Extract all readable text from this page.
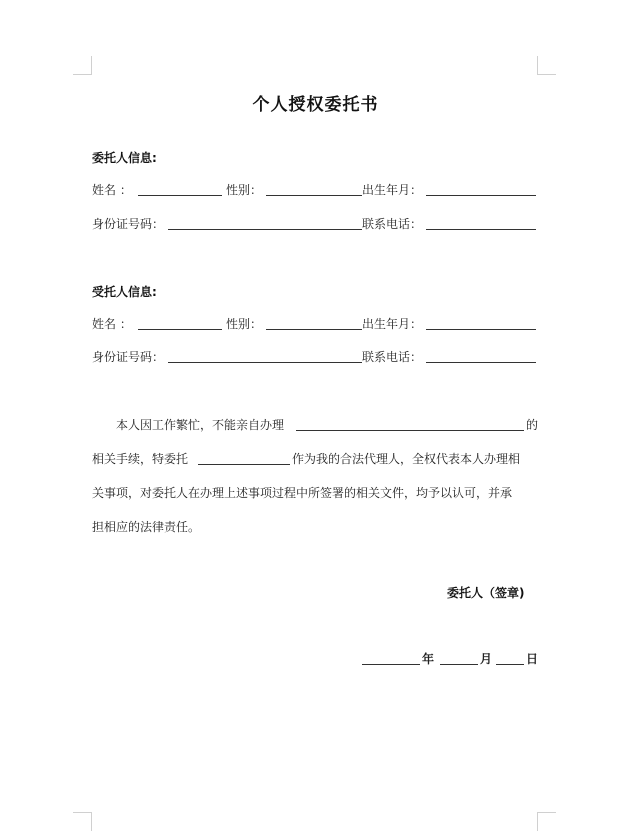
个人授权委托书
委托人信息:
姓名 ：	性别：	出生年月：
身份证号码：	联系电话：
受托人信息:
姓名 ：	性别：	出生年月：
身份证号码：	联系电话：
本人因工作繁忙，不能亲自办理	的
相关手续，特委托	作为我的合法代理人，全权代表本人办理相
关事项，对委托人在办理上述事项过程中所签署的相关文件，均予以认可，并承
担相应的法律责任。
委托人（签章)
年	月	日
